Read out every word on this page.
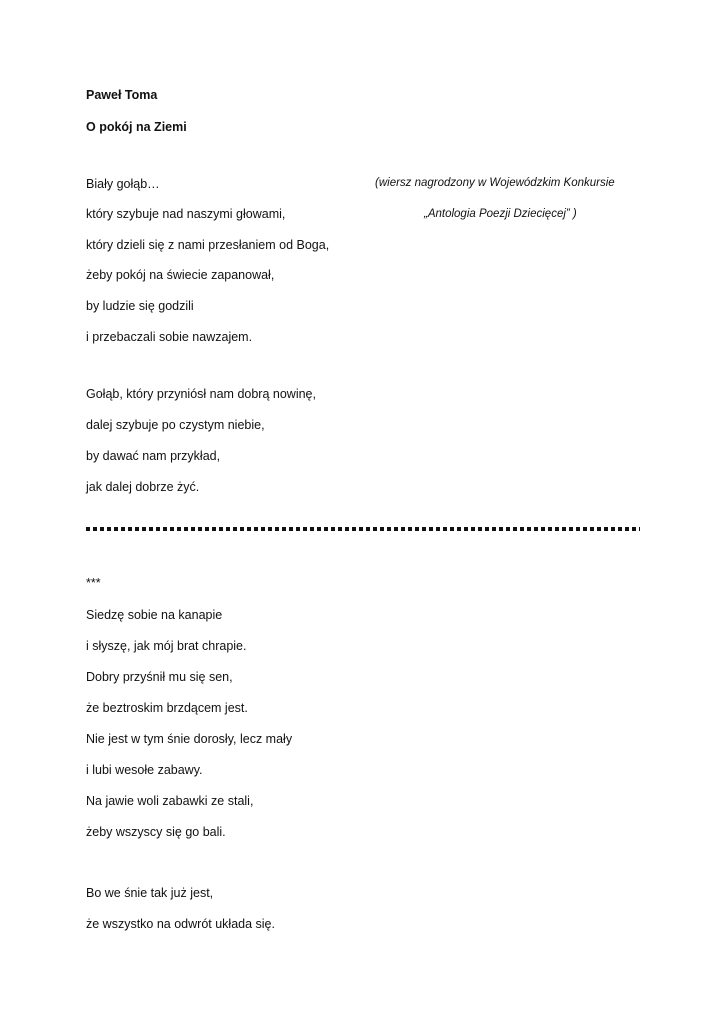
Paweł Toma
O pokój na Ziemi
(wiersz nagrodzony w Wojewódzkim Konkursie
„Antologia Poezji Dziecięcej” )
Biały gołąb…
który szybuje nad naszymi głowami,
który dzieli się z nami przesłaniem od Boga,
żeby pokój na świecie zapanował,
by ludzie się godzili
i przebaczali sobie nawzajem.
Gołąb, który przyniósł nam dobrą nowinę,
dalej szybuje po czystym niebie,
by dawać nam przykład,
jak dalej dobrze żyć.
***
Siedzę sobie na kanapie
i słyszę, jak mój brat chrapie.
Dobry przyśnił mu się sen,
że beztroskim brzdącem jest.
Nie jest w tym śnie dorosły, lecz mały
i lubi wesołe zabawy.
Na jawie woli zabawki ze stali,
żeby wszyscy się go bali.
Bo we śnie tak już jest,
że wszystko na odwrót układa się.
